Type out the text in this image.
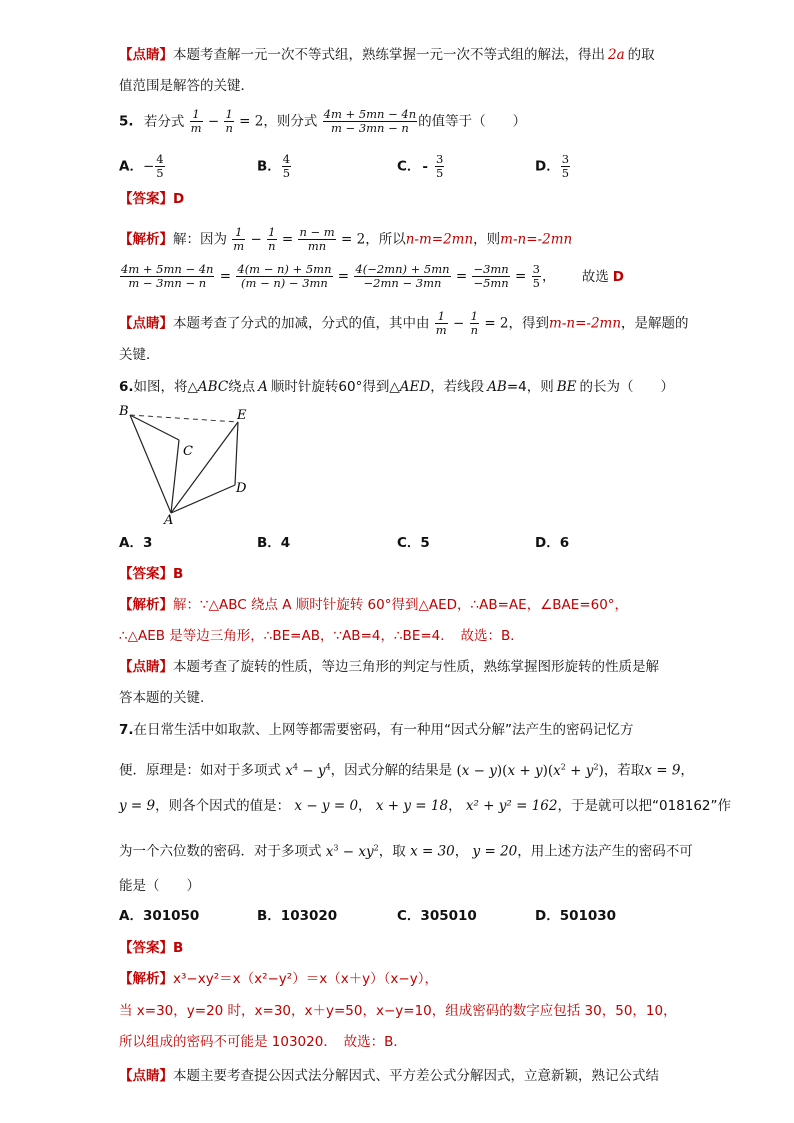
【点睛】本题考查解一元一次不等式组，熟练掌握一元一次不等式组的解法，得出 2a 的取
值范围是解答的关键．
5. 若分式 $\frac{1}{m} - \frac{1}{n} = 2$，则分式 $\frac{4m + 5mn - 4n}{m - 3mn - n}$ 的值等于（　　）
A．− $\frac{4}{5}$	B． $\frac{4}{5}$	C． - $\frac{3}{5}$	D． $\frac{3}{5}$
【答案】D
【解析】解：因为 $\frac{1}{m} - \frac{1}{n} = \frac{n - m}{mn} = 2$，所以n-m=2mn，则m-n=-2mn
$\frac{4m + 5mn - 4n}{m - 3mn - n} = \frac{4(m - n) + 5mn}{(m - n) - 3mn} = \frac{4(-2mn) + 5mn}{-2mn - 3mn} = \frac{-3mn}{-5mn} = \frac{3}{5}$ ， 故选 D
【点睛】本题考查了分式的加减，分式的值，其中由 $\frac{1}{m} - \frac{1}{n} = 2$，得到m-n=-2mn，是解题的
关键．
6.如图，将△ABC绕点 A 顺时针旋转60°得到△AED，若线段 AB=4，则 BE 的长为（　　）
B	E
C
D
A
A．3	B．4	C．5	D．6
【答案】B
【解析】解：∵△ABC 绕点 A 顺时针旋转 60°得到△AED，∴AB=AE，∠BAE=60°，
∴△AEB 是等边三角形，∴BE=AB，∵AB=4，∴BE=4．　故选：B．
【点睛】本题考查了旋转的性质，等边三角形的判定与性质，熟练掌握图形旋转的性质是解
答本题的关键.
7.在日常生活中如取款、上网等都需要密码，有一种用“因式分解”法产生的密码记忆方
便．原理是：如对于多项式 $x^4 - y^4$，因式分解的结果是 $(x - y)(x + y)(x^2 + y^2)$，若取x = 9，
y = 9，则各个因式的值是： x − y = 0， x + y = 18， x² + y² = 162，于是就可以把“018162”作
为一个六位数的密码．对于多项式 $x^3 - xy^2$，取 x = 30， y = 20，用上述方法产生的密码不可
能是（　　）
A．301050	B．103020	C．305010	D．501030
【答案】B
【解析】x³−xy²＝x（x²−y²）＝x（x＋y）（x−y），
当 x=30，y=20 时，x=30，x＋y=50，x−y=10，组成密码的数字应包括 30，50，10，
所以组成的密码不可能是 103020．　故选：B．
【点睛】本题主要考查提公因式法分解因式、平方差公式分解因式，立意新颖，熟记公式结
